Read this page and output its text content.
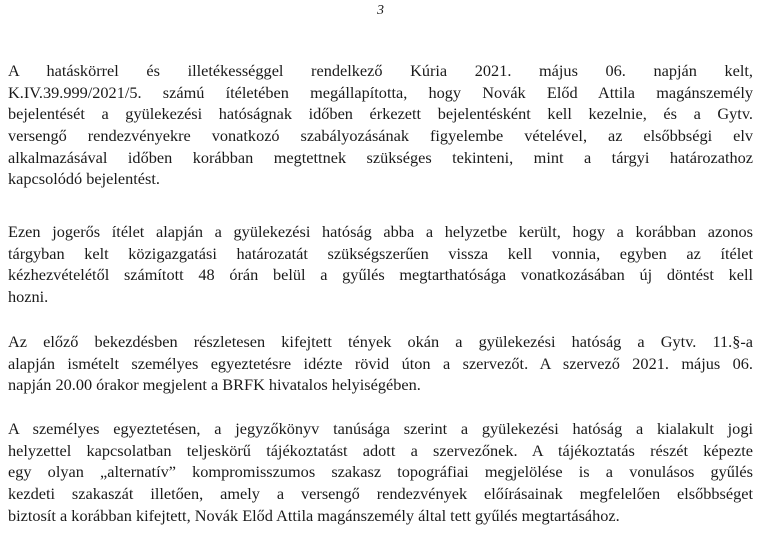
3

A hatáskörrel és illetékességgel rendelkező Kúria 2021. május 06. napján kelt,
K.IV.39.999/2021/5. számú ítéletében megállapította, hogy Novák Előd Attila magánszemély
bejelentését a gyülekezési hatóságnak időben érkezett bejelentésként kell kezelnie, és a Gytv.
versengő rendezvényekre vonatkozó szabályozásának figyelembe vételével, az elsőbbségi elv
alkalmazásával időben korábban megtettnek szükséges tekinteni, mint a tárgyi határozathoz
kapcsolódó bejelentést.

Ezen jogerős ítélet alapján a gyülekezési hatóság abba a helyzetbe került, hogy a korábban azonos
tárgyban kelt közigazgatási határozatát szükségszerűen vissza kell vonnia, egyben az ítélet
kézhezvételétől számított 48 órán belül a gyűlés megtarthatósága vonatkozásában új döntést kell
hozni.

Az előző bekezdésben részletesen kifejtett tények okán a gyülekezési hatóság a Gytv. 11.§-a
alapján ismételt személyes egyeztetésre idézte rövid úton a szervezőt. A szervező 2021. május 06.
napján 20.00 órakor megjelent a BRFK hivatalos helyiségében.

A személyes egyeztetésen, a jegyzőkönyv tanúsága szerint a gyülekezési hatóság a kialakult jogi
helyzettel kapcsolatban teljeskörű tájékoztatást adott a szervezőnek. A tájékoztatás részét képezte
egy olyan „alternatív” kompromisszumos szakasz topográfiai megjelölése is a vonulásos gyűlés
kezdeti szakaszát illetően, amely a versengő rendezvények előírásainak megfelelően elsőbbséget
biztosít a korábban kifejtett, Novák Előd Attila magánszemély által tett gyűlés megtartásához.
